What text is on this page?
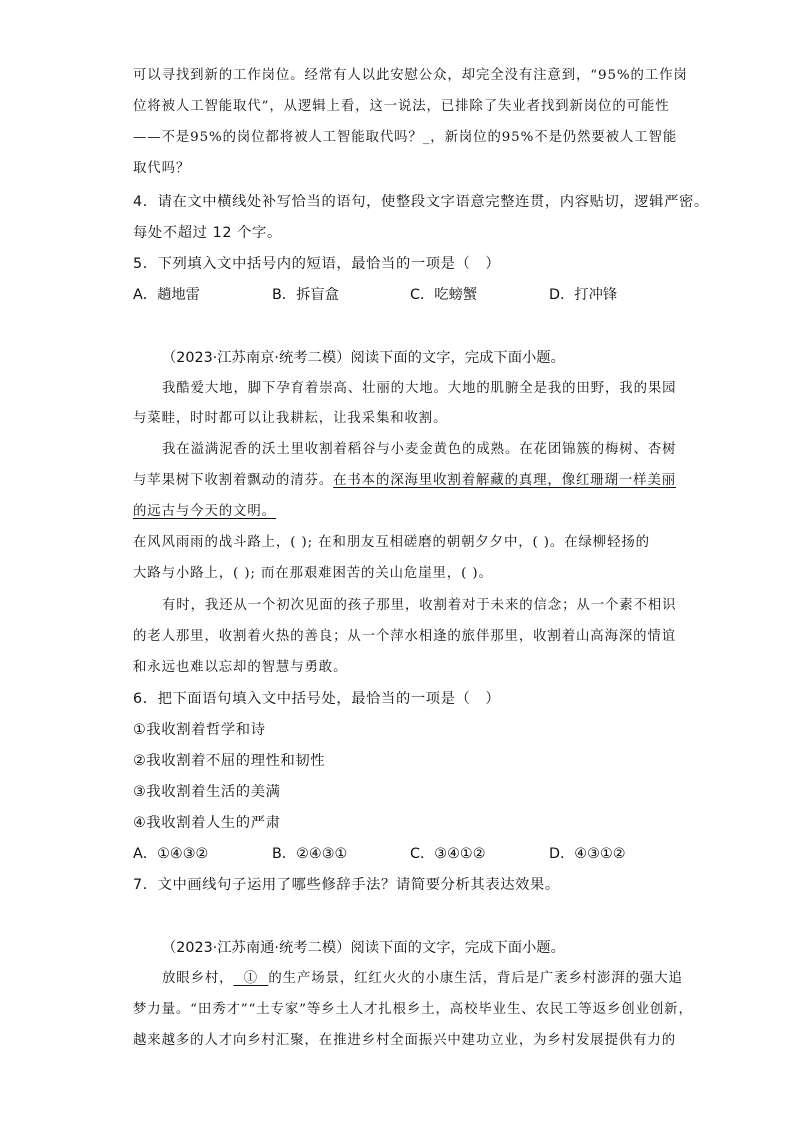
可以寻找到新的工作岗位。经常有人以此安慰公众，却完全没有注意到，“95%的工作岗
位将被人工智能取代”，从逻辑上看，这一说法，已排除了失业者找到新岗位的可能性
——不是95%的岗位都将被人工智能取代吗？_，新岗位的95%不是仍然要被人工智能
取代吗？
4．请在文中横线处补写恰当的语句，使整段文字语意完整连贯，内容贴切，逻辑严密。
每处不超过 12 个字。
5．下列填入文中括号内的短语，最恰当的一项是（　）
A．趟地雷	B．拆盲盒	C．吃螃蟹	D．打冲锋
（2023·江苏南京·统考二模）阅读下面的文字，完成下面小题。
我酷爱大地，脚下孕育着崇高、壮丽的大地。大地的肌腑全是我的田野，我的果园
与菜畦，时时都可以让我耕耘，让我采集和收割。
我在溢满泥香的沃土里收割着稻谷与小麦金黄色的成熟。在花团锦簇的梅树、杏树
与苹果树下收割着飘动的清芬。在书本的深海里收割着解藏的真理，像红珊瑚一样美丽
的远古与今天的文明。
在风风雨雨的战斗路上，( ); 在和朋友互相磋磨的朝朝夕夕中，( )。在绿柳轻扬的
大路与小路上，( ); 而在那艰难困苦的关山危崖里，( )。
有时，我还从一个初次见面的孩子那里，收割着对于未来的信念；从一个素不相识
的老人那里，收割着火热的善良；从一个萍水相逢的旅伴那里，收割着山高海深的情谊
和永远也难以忘却的智慧与勇敢。
6．把下面语句填入文中括号处，最恰当的一项是（　）
①我收割着哲学和诗
②我收割着不屈的理性和韧性
③我收割着生活的美满
④我收割着人生的严肃
A．①④③②	B．②④③①	C．③④①②	D．④③①②
7．文中画线句子运用了哪些修辞手法？请简要分析其表达效果。
（2023·江苏南通·统考二模）阅读下面的文字，完成下面小题。
放眼乡村，  ①  的生产场景，红红火火的小康生活，背后是广袤乡村澎湃的强大追
梦力量。“田秀才”“土专家”等乡土人才扎根乡土，高校毕业生、农民工等返乡创业创新，
越来越多的人才向乡村汇聚，在推进乡村全面振兴中建功立业，为乡村发展提供有力的
